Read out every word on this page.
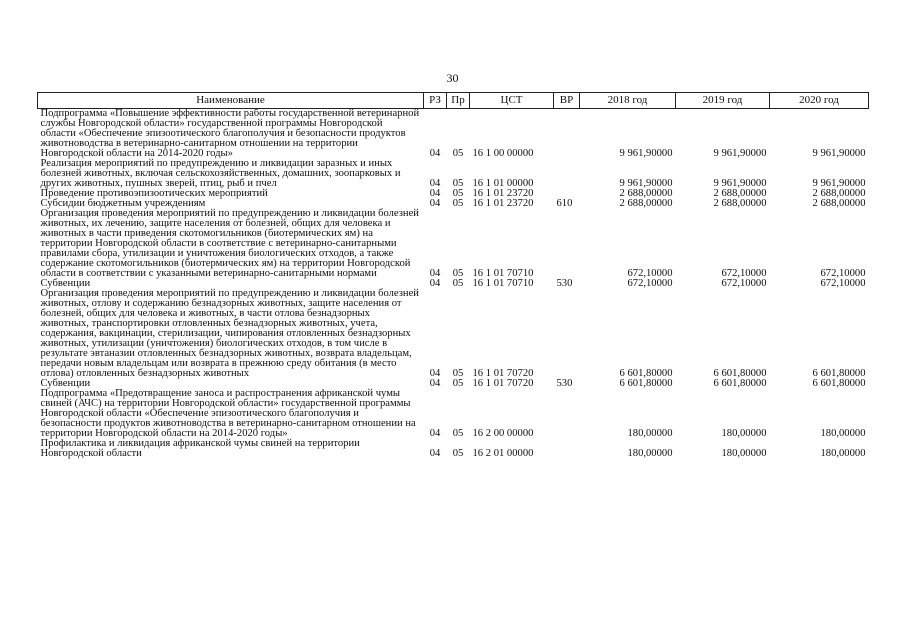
30
Наименование	РЗ	Пр	ЦСТ	ВР	2018 год	2019 год	2020 год
Подпрограмма «Повышение эффективности работы государственной ветеринарной службы Новгородской области» государственной программы Новгородской области «Обеспечение эпизоотического благополучия и безопасности продуктов животноводства в ветеринарно-санитарном отношении на территории Новгородской области на 2014-2020 годы»	04	05	16 1 00 00000		9 961,90000	9 961,90000	9 961,90000
Реализация мероприятий по предупреждению и ликвидации заразных и иных болезней животных, включая сельскохозяйственных, домашних, зоопарковых и других животных, пушных зверей, птиц, рыб и пчел	04	05	16 1 01 00000		9 961,90000	9 961,90000	9 961,90000
Проведение противоэпизоотических мероприятий	04	05	16 1 01 23720		2 688,00000	2 688,00000	2 688,00000
Субсидии бюджетным учреждениям	04	05	16 1 01 23720	610	2 688,00000	2 688,00000	2 688,00000
Организация проведения мероприятий по предупреждению и ликвидации болезней животных, их лечению, защите населения от болезней, общих для человека и животных в части приведения скотомогильников (биотермических ям) на территории Новгородской области в соответствие с ветеринарно-санитарными правилами сбора, утилизации и уничтожения биологических отходов, а также содержание скотомогильников (биотермических ям) на территории Новгородской области в соответствии с указанными ветеринарно-санитарными нормами	04	05	16 1 01 70710		672,10000	672,10000	672,10000
Субвенции	04	05	16 1 01 70710	530	672,10000	672,10000	672,10000
Организация проведения мероприятий по предупреждению и ликвидации болезней животных, отлову и содержанию безнадзорных животных, защите населения от болезней, общих для человека и животных, в части отлова безнадзорных животных, транспортировки отловленных безнадзорных животных, учета, содержания, вакцинации, стерилизации, чипирования отловленных безнадзорных животных, утилизации (уничтожения) биологических отходов, в том числе в результате эвтаназии отловленных безнадзорных животных, возврата владельцам, передачи новым владельцам или возврата в прежнюю среду обитания (в место отлова) отловленных безнадзорных животных	04	05	16 1 01 70720		6 601,80000	6 601,80000	6 601,80000
Субвенции	04	05	16 1 01 70720	530	6 601,80000	6 601,80000	6 601,80000
Подпрограмма «Предотвращение заноса и распространения африканской чумы свиней (АЧС) на территории Новгородской области» государственной программы Новгородской области «Обеспечение эпизоотического благополучия и безопасности продуктов животноводства в ветеринарно-санитарном отношении на территории Новгородской области на 2014-2020 годы»	04	05	16 2 00 00000		180,00000	180,00000	180,00000
Профилактика и ликвидация африканской чумы свиней на территории Новгородской области	04	05	16 2 01 00000		180,00000	180,00000	180,00000
